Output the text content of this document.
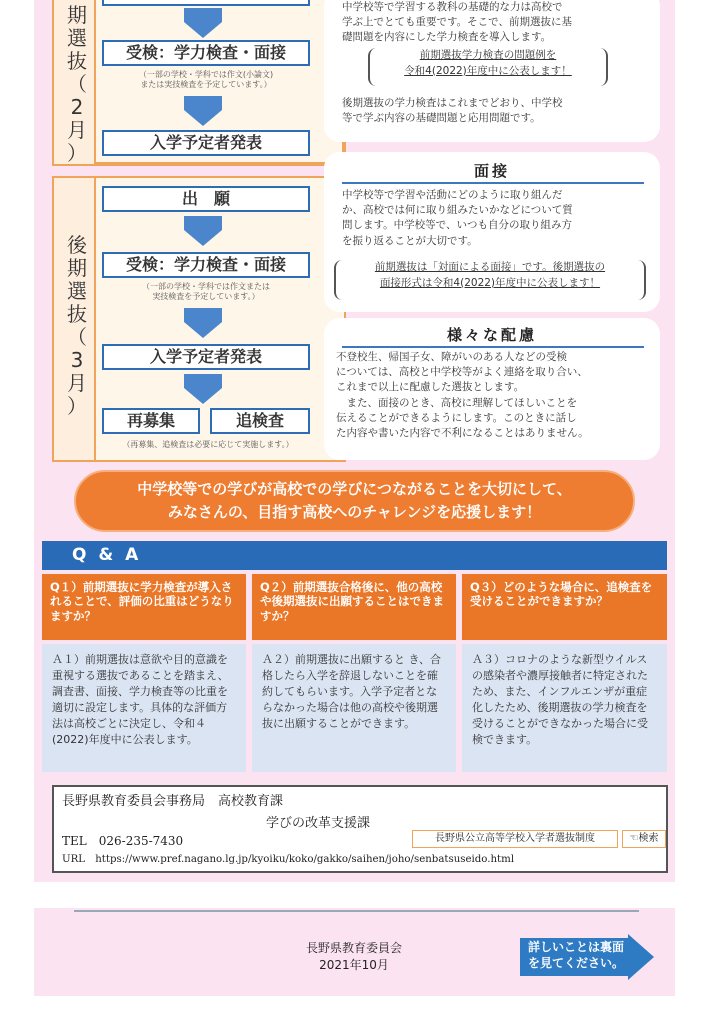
期
選
抜
（
2
月
）
受検：学力検査・面接
（一部の学校・学科では作文(小論文)
または実技検査を予定しています。）
入学予定者発表
後
期
選
抜
（
3
月
）
出　願
受検：学力検査・面接
（一部の学校・学科では作文または
実技検査を予定しています。）
入学予定者発表
再募集	追検査
（再募集、追検査は必要に応じて実施します。）
中学校等で学習する教科の基礎的な力は高校で
学ぶ上でとても重要です。そこで、前期選抜に基
礎問題を内容にした学力検査を導入します。
前期選抜学力検査の問題例を
令和4(2022)年度中に公表します！
後期選抜の学力検査はこれまでどおり、中学校
等で学ぶ内容の基礎問題と応用問題です。
面接
中学校等で学習や活動にどのように取り組んだ
か、高校では何に取り組みたいかなどについて質
問します。中学校等で、いつも自分の取り組み方
を振り返ることが大切です。
前期選抜は「対面による面接」です。後期選抜の
面接形式は令和4(2022)年度中に公表します！
様々な配慮
不登校生、帰国子女、障がいのある人などの受検
については、高校と中学校等がよく連絡を取り合い、
これまで以上に配慮した選抜とします。
　また、面接のとき、高校に理解してほしいことを
伝えることができるようにします。このときに話し
た内容や書いた内容で不利になることはありません。
中学校等での学びが高校での学びにつながることを大切にして、
みなさんの、目指す高校へのチャレンジを応援します！
Q & A
Q１）前期選抜に学力検査が導入されることで、評価の比重はどうなりますか？
Q２）前期選抜合格後に、他の高校や後期選抜に出願することはできますか？
Q３）どのような場合に、追検査を受けることができますか？
Ａ１）前期選抜は意欲や目的意識を重視する選抜であることを踏まえ、調査書、面接、学力検査等の比重を適切に設定します。具体的な評価方法は高校ごとに決定し、令和４(2022)年度中に公表します。
Ａ２）前期選抜に出願すると き、合格したら入学を辞退しないことを確約してもらいます。入学予定者とならなかった場合は他の高校や後期選抜に出願することができます。
Ａ３）コロナのような新型ウイルスの感染者や濃厚接触者に特定されたため、また、インフルエンザが重症化したため、後期選抜の学力検査を受けることができなかった場合に受検できます。
長野県教育委員会事務局　高校教育課
学びの改革支援課
TEL　026-235-7430	長野県公立高等学校入学者選抜制度	☜検索
URL　https://www.pref.nagano.lg.jp/kyoiku/koko/gakko/saihen/joho/senbatsuseido.html
長野県教育委員会
2021年10月
詳しいことは裏面
を見てください。
